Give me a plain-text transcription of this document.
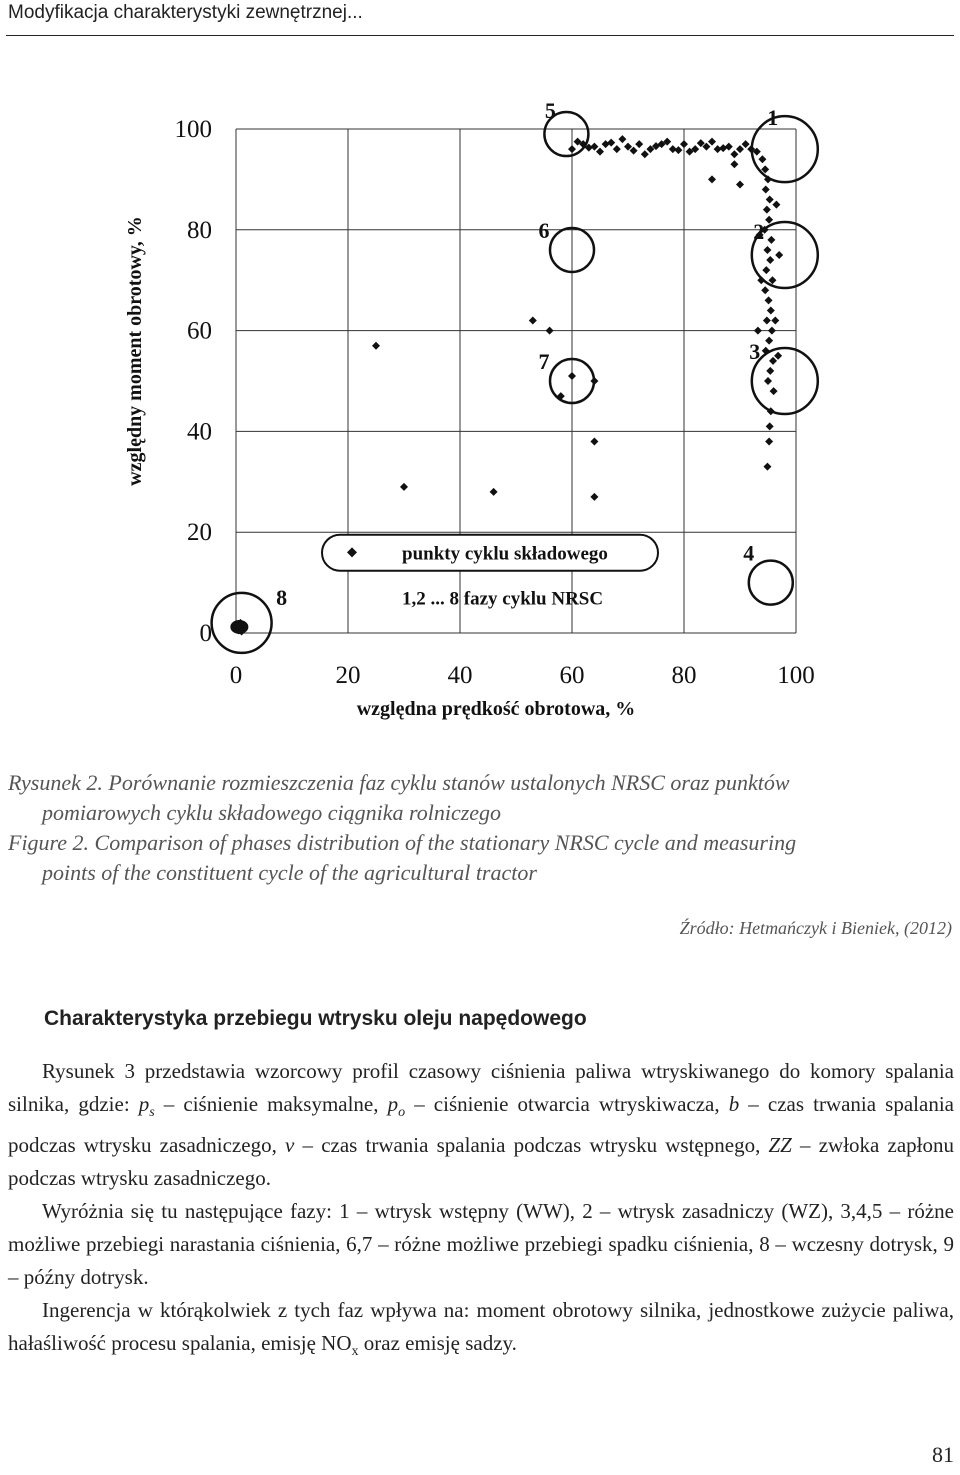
Modyfikacja charakterystyki zewnętrznej...
0
20
40
60
80
100
0	20	40	60	80	100
względna prędkość obrotowa, %
względny moment obrotowy, %
punkty cyklu składowego
1,2 ... 8 fazy cyklu NRSC
1
2
3
4
5
6
7
8
Rysunek 2. Porównanie rozmieszczenia faz cyklu stanów ustalonych NRSC oraz punktów
pomiarowych cyklu składowego ciągnika rolniczego
Figure 2. Comparison of phases distribution of the stationary NRSC cycle and measuring
points of the constituent cycle of the agricultural tractor
Źródło: Hetmańczyk i Bieniek, (2012)
Charakterystyka przebiegu wtrysku oleju napędowego

Rysunek 3 przedstawia wzorcowy profil czasowy ciśnienia paliwa wtryskiwanego do komory spalania silnika, gdzie: $p_s$ – ciśnienie maksymalne, $p_o$ – ciśnienie otwarcia wtryskiwacza, b – czas trwania spalania podczas wtrysku zasadniczego, v – czas trwania spalania podczas wtrysku wstępnego, ZZ – zwłoka zapłonu podczas wtrysku zasadniczego.

Wyróżnia się tu następujące fazy: 1 – wtrysk wstępny (WW), 2 – wtrysk zasadniczy (WZ), 3,4,5 – różne możliwe przebiegi narastania ciśnienia, 6,7 – różne możliwe przebiegi spadku ciśnienia, 8 – wczesny dotrysk, 9 – późny dotrysk.

Ingerencja w którąkolwiek z tych faz wpływa na: moment obrotowy silnika, jednostkowe zużycie paliwa, hałaśliwość procesu spalania, emisję $NO_x$ oraz emisję sadzy.

81
